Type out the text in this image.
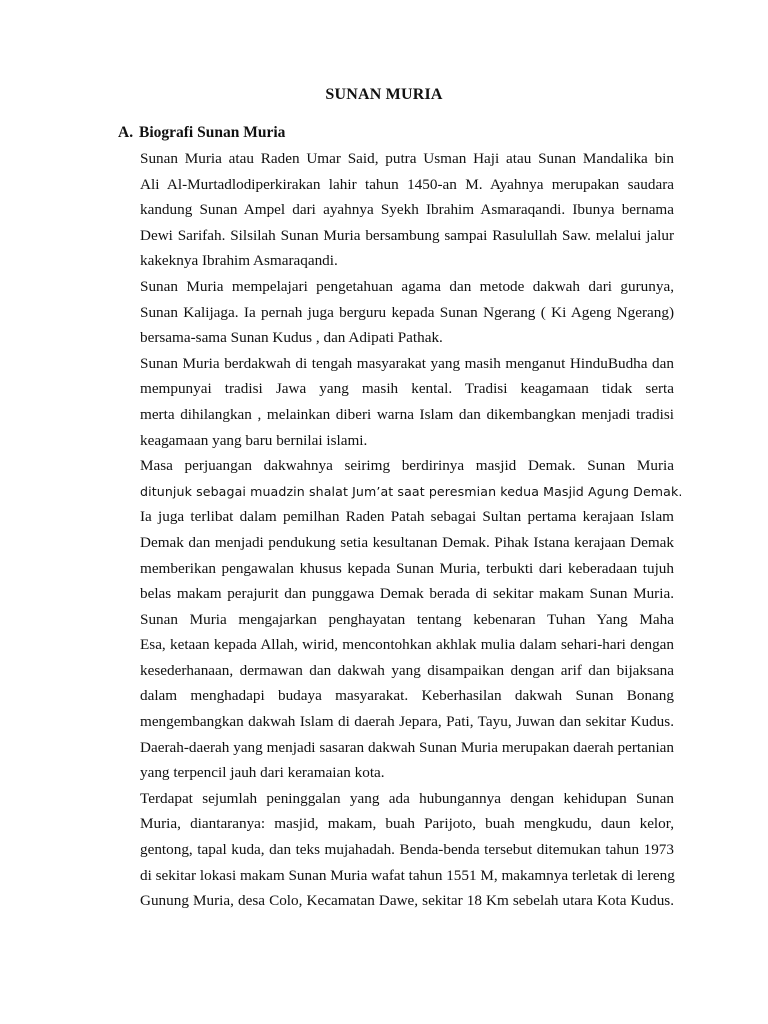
SUNAN MURIA
A. Biografi Sunan Muria

Sunan Muria atau Raden Umar Said, putra Usman Haji atau Sunan Mandalika bin
Ali Al-Murtadlodiperkirakan lahir tahun 1450-an M. Ayahnya merupakan saudara
kandung Sunan Ampel dari ayahnya Syekh Ibrahim Asmaraqandi. Ibunya bernama
Dewi Sarifah. Silsilah Sunan Muria bersambung sampai Rasulullah Saw. melalui jalur
kakeknya Ibrahim Asmaraqandi.

Sunan Muria mempelajari pengetahuan agama dan metode dakwah dari gurunya,
Sunan Kalijaga. Ia pernah juga berguru kepada Sunan Ngerang ( Ki Ageng Ngerang)
bersama-sama Sunan Kudus , dan Adipati Pathak.

Sunan Muria berdakwah di tengah masyarakat yang masih menganut HinduBudha dan
mempunyai tradisi Jawa yang masih kental. Tradisi keagamaan tidak serta
merta dihilangkan , melainkan diberi warna Islam dan dikembangkan menjadi tradisi
keagamaan yang baru bernilai islami.

Masa perjuangan dakwahnya seirimg berdirinya masjid Demak. Sunan Muria
ditunjuk sebagai muadzin shalat Jum’at saat peresmian kedua Masjid Agung Demak.
Ia juga terlibat dalam pemilhan Raden Patah sebagai Sultan pertama kerajaan Islam
Demak dan menjadi pendukung setia kesultanan Demak. Pihak Istana kerajaan Demak
memberikan pengawalan khusus kepada Sunan Muria, terbukti dari keberadaan tujuh
belas makam perajurit dan punggawa Demak berada di sekitar makam Sunan Muria.

Sunan Muria mengajarkan penghayatan tentang kebenaran Tuhan Yang Maha
Esa, ketaan kepada Allah, wirid, mencontohkan akhlak mulia dalam sehari-hari dengan
kesederhanaan, dermawan dan dakwah yang disampaikan dengan arif dan bijaksana
dalam menghadapi budaya masyarakat. Keberhasilan dakwah Sunan Bonang
mengembangkan dakwah Islam di daerah Jepara, Pati, Tayu, Juwan dan sekitar Kudus.
Daerah-daerah yang menjadi sasaran dakwah Sunan Muria merupakan daerah pertanian
yang terpencil jauh dari keramaian kota.

Terdapat sejumlah peninggalan yang ada hubungannya dengan kehidupan Sunan
Muria, diantaranya: masjid, makam, buah Parijoto, buah mengkudu, daun kelor,
gentong, tapal kuda, dan teks mujahadah. Benda-benda tersebut ditemukan tahun 1973
di sekitar lokasi makam Sunan Muria wafat tahun 1551 M, makamnya terletak di lereng
Gunung Muria, desa Colo, Kecamatan Dawe, sekitar 18 Km sebelah utara Kota Kudus.
